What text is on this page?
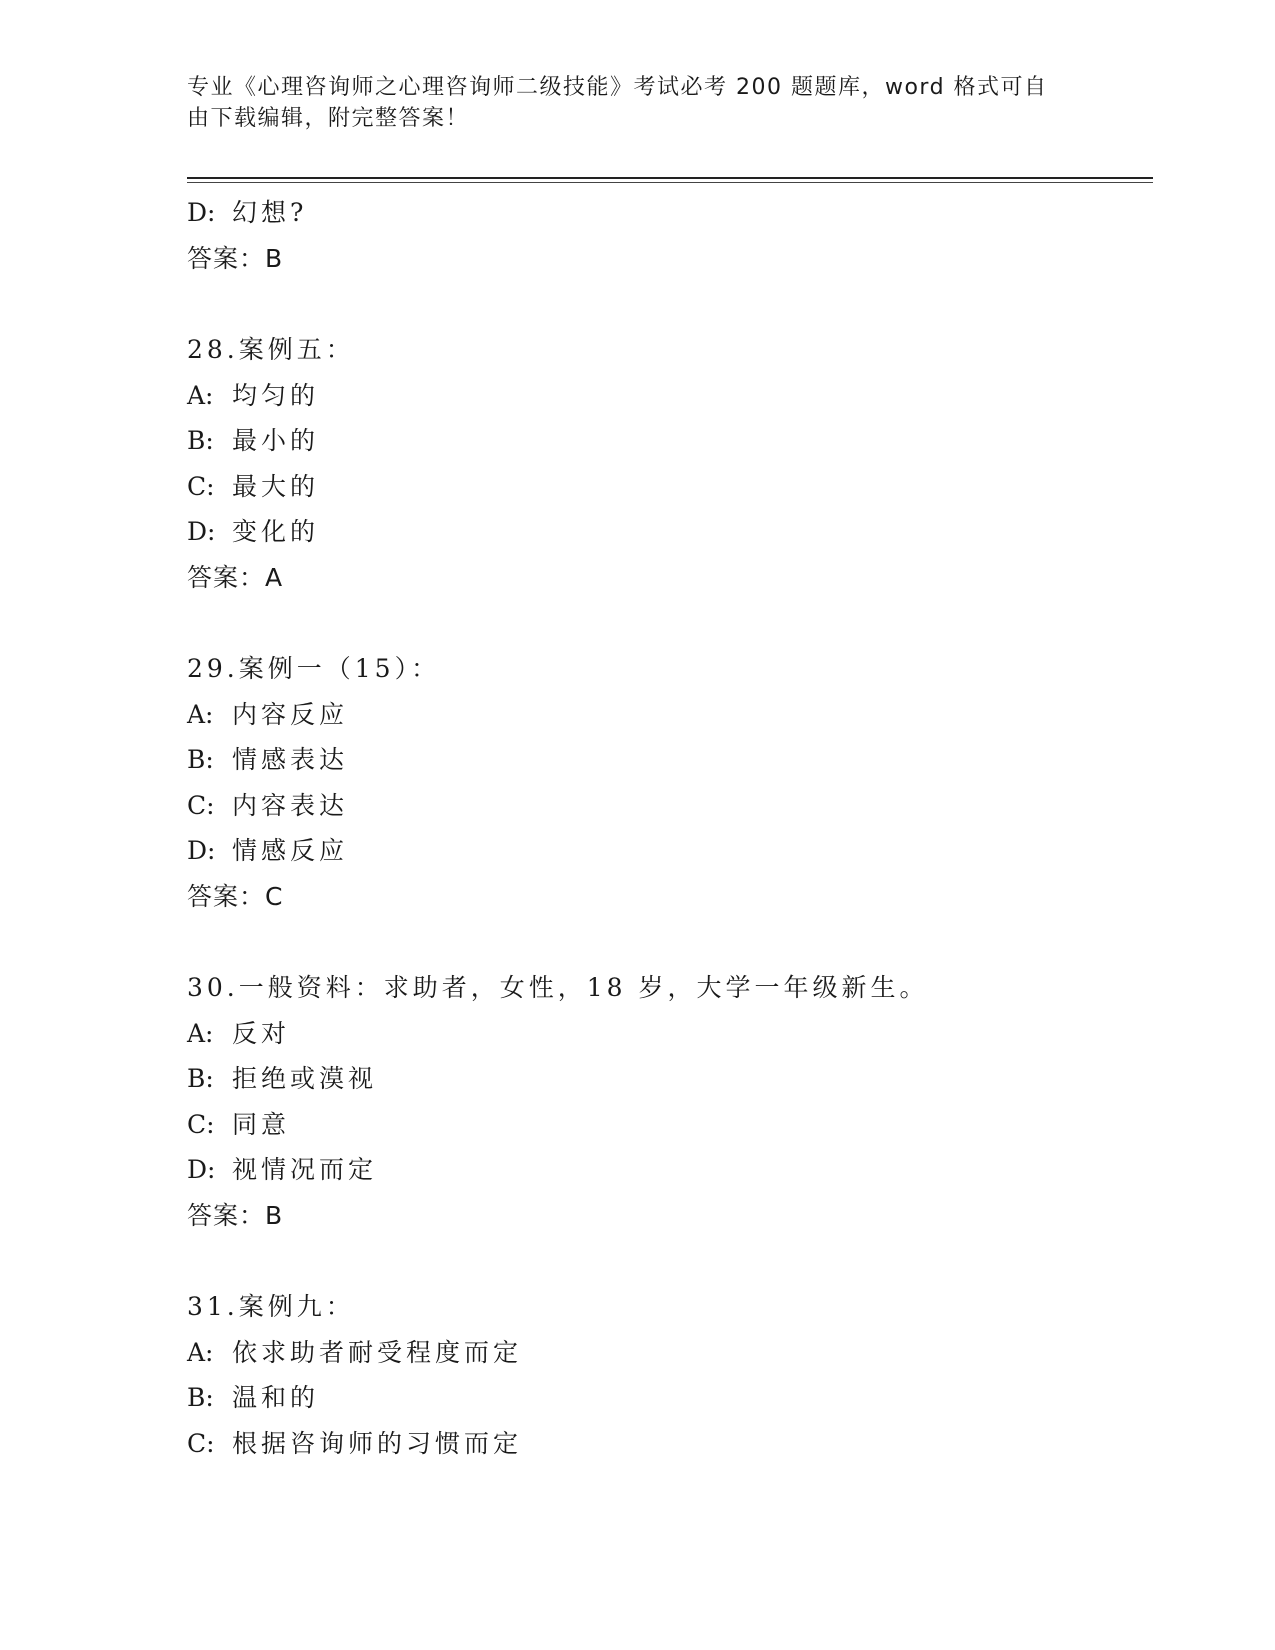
专业《心理咨询师之心理咨询师二级技能》考试必考 200 题题库，word 格式可自由下载编辑，附完整答案！
D: 幻想?
答案：B
28.案例五：
A: 均匀的
B: 最小的
C: 最大的
D: 变化的
答案：A
29.案例一（15）：
A: 内容反应
B: 情感表达
C: 内容表达
D: 情感反应
答案：C
30.一般资料：求助者，女性，18 岁，大学一年级新生。
A: 反对
B: 拒绝或漠视
C: 同意
D: 视情况而定
答案：B
31.案例九：
A: 依求助者耐受程度而定
B: 温和的
C: 根据咨询师的习惯而定
